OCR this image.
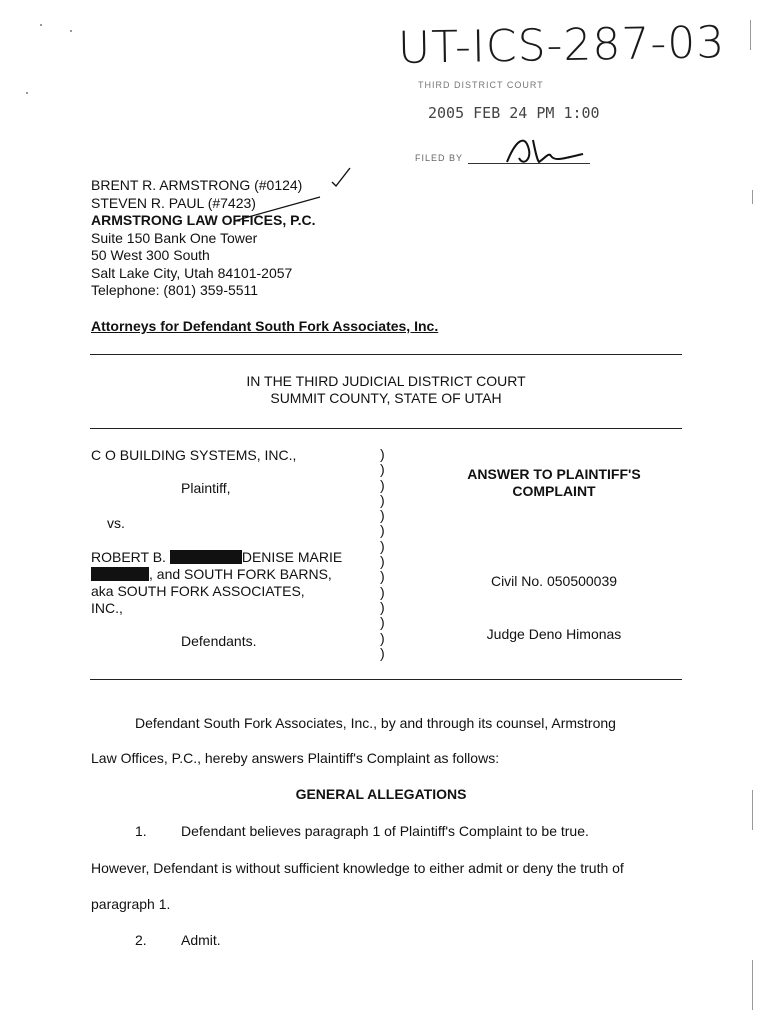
UT-ICS-287-03
THIRD DISTRICT COURT
2005 FEB 24 PM 1:00
FILED BY
BRENT R. ARMSTRONG (#0124)
STEVEN R. PAUL (#7423)
ARMSTRONG LAW OFFICES, P.C.
Suite 150 Bank One Tower
50 West 300 South
Salt Lake City, Utah 84101-2057
Telephone: (801) 359-5511
Attorneys for Defendant South Fork Associates, Inc.
IN THE THIRD JUDICIAL DISTRICT COURT
SUMMIT COUNTY, STATE OF UTAH
C O BUILDING SYSTEMS, INC.,
Plaintiff,
vs.
ROBERT B.	DENISE MARIE
, and SOUTH FORK BARNS,
aka SOUTH FORK ASSOCIATES,
INC.,
Defendants.
)
)
)
)
)
)
)
)
)
)
)
)
)
)
ANSWER TO PLAINTIFF'S
COMPLAINT
Civil No. 050500039
Judge Deno Himonas
Defendant South Fork Associates, Inc., by and through its counsel, Armstrong
Law Offices, P.C., hereby answers Plaintiff's Complaint as follows:
GENERAL ALLEGATIONS
1. Defendant believes paragraph 1 of Plaintiff's Complaint to be true.
However, Defendant is without sufficient knowledge to either admit or deny the truth of
paragraph 1.
2. Admit.
